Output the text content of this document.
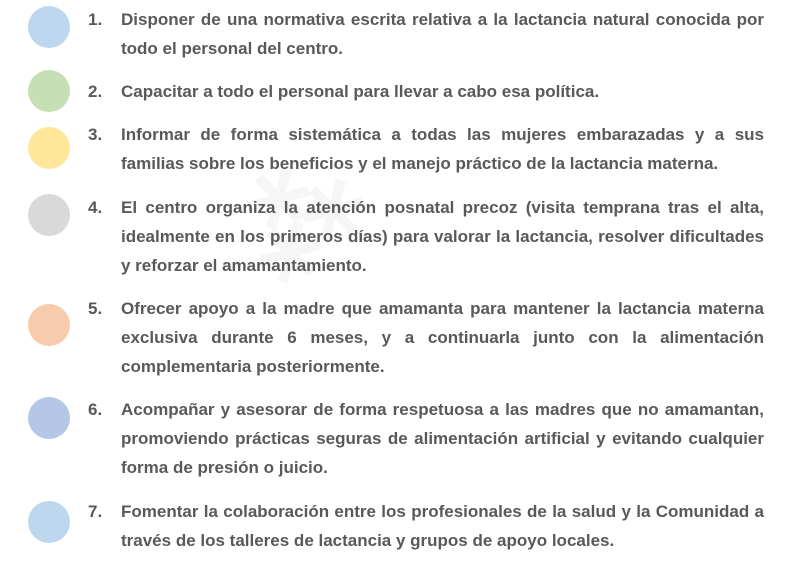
1.	Disponer de una normativa escrita relativa a la lactancia natural conocida por todo el personal del centro.
2.	Capacitar a todo el personal para llevar a cabo esa política.
3.	Informar de forma sistemática a todas las mujeres embarazadas y a sus familias sobre los beneficios y el manejo práctico de la lactancia materna.
4.	El centro organiza la atención posnatal precoz (visita temprana tras el alta, idealmente en los primeros días) para valorar la lactancia, resolver dificultades y reforzar el amamantamiento.
5.	Ofrecer apoyo a la madre que amamanta para mantener la lactancia materna exclusiva durante 6 meses, y a continuarla junto con la alimentación complementaria posteriormente.
6.	Acompañar y asesorar de forma respetuosa a las madres que no amamantan, promoviendo prácticas seguras de alimentación artificial y evitando cualquier forma de presión o juicio.
7.	Fomentar la colaboración entre los profesionales de la salud y la Comunidad a través de los talleres de lactancia y grupos de apoyo locales.
